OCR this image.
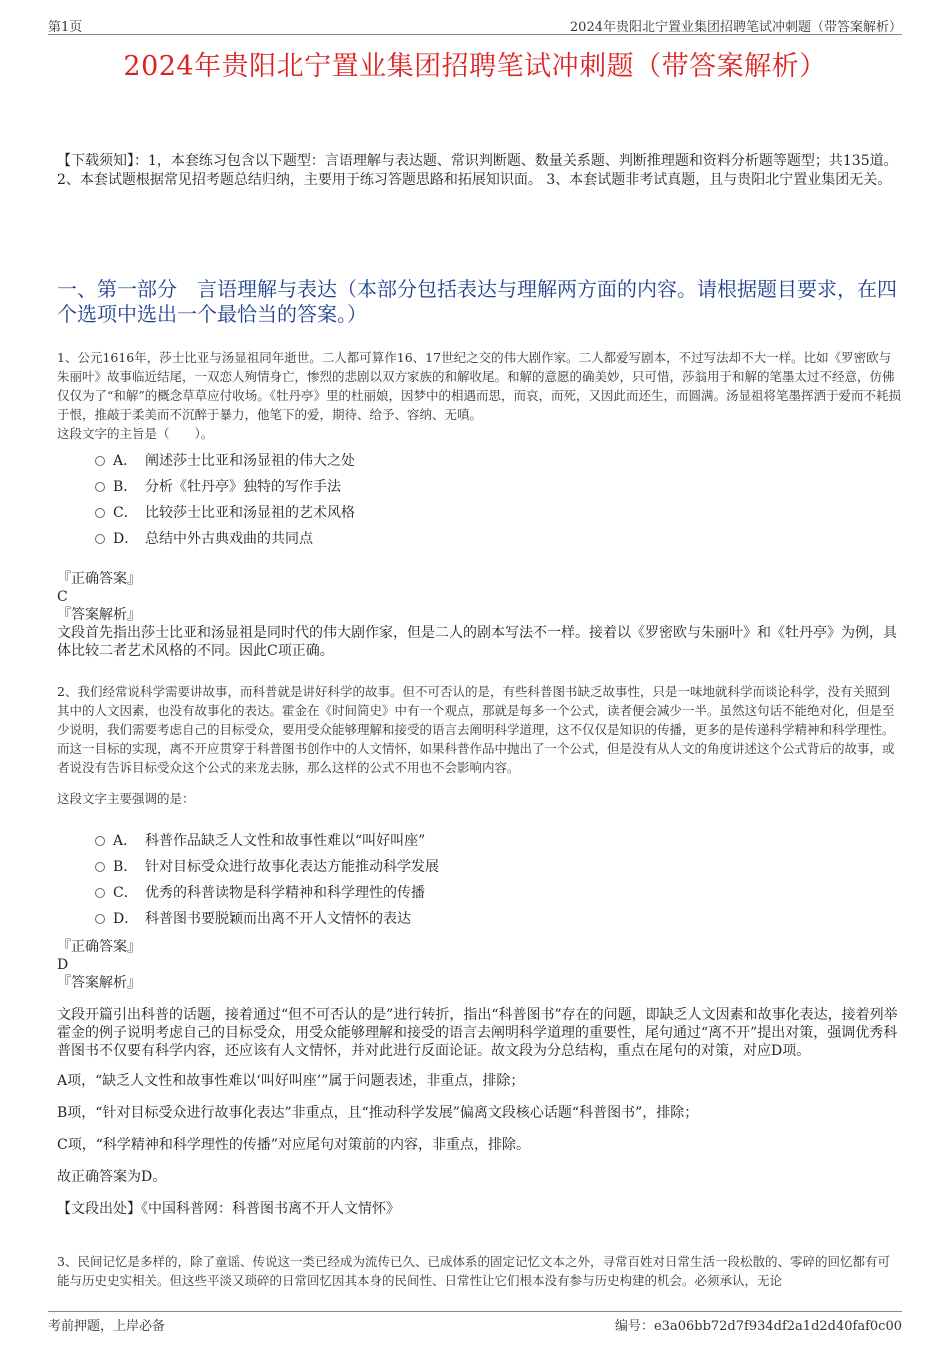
第1页	2024年贵阳北宁置业集团招聘笔试冲刺题（带答案解析）
2024年贵阳北宁置业集团招聘笔试冲刺题（带答案解析）
【下载须知】：1，本套练习包含以下题型：言语理解与表达题、常识判断题、数量关系题、判断推理题和资料分析题等题型；共135道。 2、本套试题根据常见招考题总结归纳，主要用于练习答题思路和拓展知识面。 3、本套试题非考试真题，且与贵阳北宁置业集团无关。
一、第一部分　言语理解与表达（本部分包括表达与理解两方面的内容。请根据题目要求，在四个选项中选出一个最恰当的答案。）
1、公元1616年，莎士比亚与汤显祖同年逝世。二人都可算作16、17世纪之交的伟大剧作家。二人都爱写剧本，不过写法却不大一样。比如《罗密欧与朱丽叶》故事临近结尾，一双恋人殉情身亡，惨烈的悲剧以双方家族的和解收尾。和解的意愿的确美妙，只可惜，莎翁用于和解的笔墨太过不经意，仿佛仅仅为了“和解”的概念草草应付收场。《牡丹亭》里的杜丽娘，因梦中的相遇而思，而哀，而死，又因此而还生，而圆满。汤显祖将笔墨挥洒于爱而不耗损于恨，推敲于柔美而不沉醉于暴力，他笔下的爱，期待、给予、容纳、无嗔。
这段文字的主旨是（　　）。
A． 阐述莎士比亚和汤显祖的伟大之处
B． 分析《牡丹亭》独特的写作手法
C． 比较莎士比亚和汤显祖的艺术风格
D． 总结中外古典戏曲的共同点
『正确答案』
C
『答案解析』
文段首先指出莎士比亚和汤显祖是同时代的伟大剧作家，但是二人的剧本写法不一样。接着以《罗密欧与朱丽叶》和《牡丹亭》为例，具体比较二者艺术风格的不同。因此C项正确。
2、我们经常说科学需要讲故事，而科普就是讲好科学的故事。但不可否认的是，有些科普图书缺乏故事性，只是一味地就科学而谈论科学，没有关照到其中的人文因素，也没有故事化的表达。霍金在《时间简史》中有一个观点，那就是每多一个公式，读者便会减少一半。虽然这句话不能绝对化，但是至少说明，我们需要考虑自己的目标受众，要用受众能够理解和接受的语言去阐明科学道理，这不仅仅是知识的传播，更多的是传递科学精神和科学理性。而这一目标的实现，离不开应贯穿于科普图书创作中的人文情怀，如果科普作品中抛出了一个公式，但是没有从人文的角度讲述这个公式背后的故事，或者说没有告诉目标受众这个公式的来龙去脉，那么这样的公式不用也不会影响内容。
这段文字主要强调的是：
A． 科普作品缺乏人文性和故事性难以“叫好叫座”
B． 针对目标受众进行故事化表达方能推动科学发展
C． 优秀的科普读物是科学精神和科学理性的传播
D． 科普图书要脱颖而出离不开人文情怀的表达
『正确答案』
D
『答案解析』
文段开篇引出科普的话题，接着通过“但不可否认的是”进行转折，指出“科普图书”存在的问题，即缺乏人文因素和故事化表达，接着列举霍金的例子说明考虑自己的目标受众，用受众能够理解和接受的语言去阐明科学道理的重要性，尾句通过“离不开”提出对策，强调优秀科普图书不仅要有科学内容，还应该有人文情怀，并对此进行反面论证。故文段为分总结构，重点在尾句的对策，对应D项。
A项，“缺乏人文性和故事性难以‘叫好叫座’”属于问题表述，非重点，排除；
B项，“针对目标受众进行故事化表达”非重点，且“推动科学发展”偏离文段核心话题“科普图书”，排除；
C项，“科学精神和科学理性的传播”对应尾句对策前的内容，非重点，排除。
故正确答案为D。
【文段出处】《中国科普网：科普图书离不开人文情怀》
3、民间记忆是多样的，除了童谣、传说这一类已经成为流传已久、已成体系的固定记忆文本之外，寻常百姓对日常生活一段松散的、零碎的回忆都有可能与历史史实相关。但这些平淡又琐碎的日常回忆因其本身的民间性、日常性让它们根本没有参与历史构建的机会。必须承认，无论
考前押题，上岸必备	编号：e3a06bb72d7f934df2a1d2d40faf0c00
